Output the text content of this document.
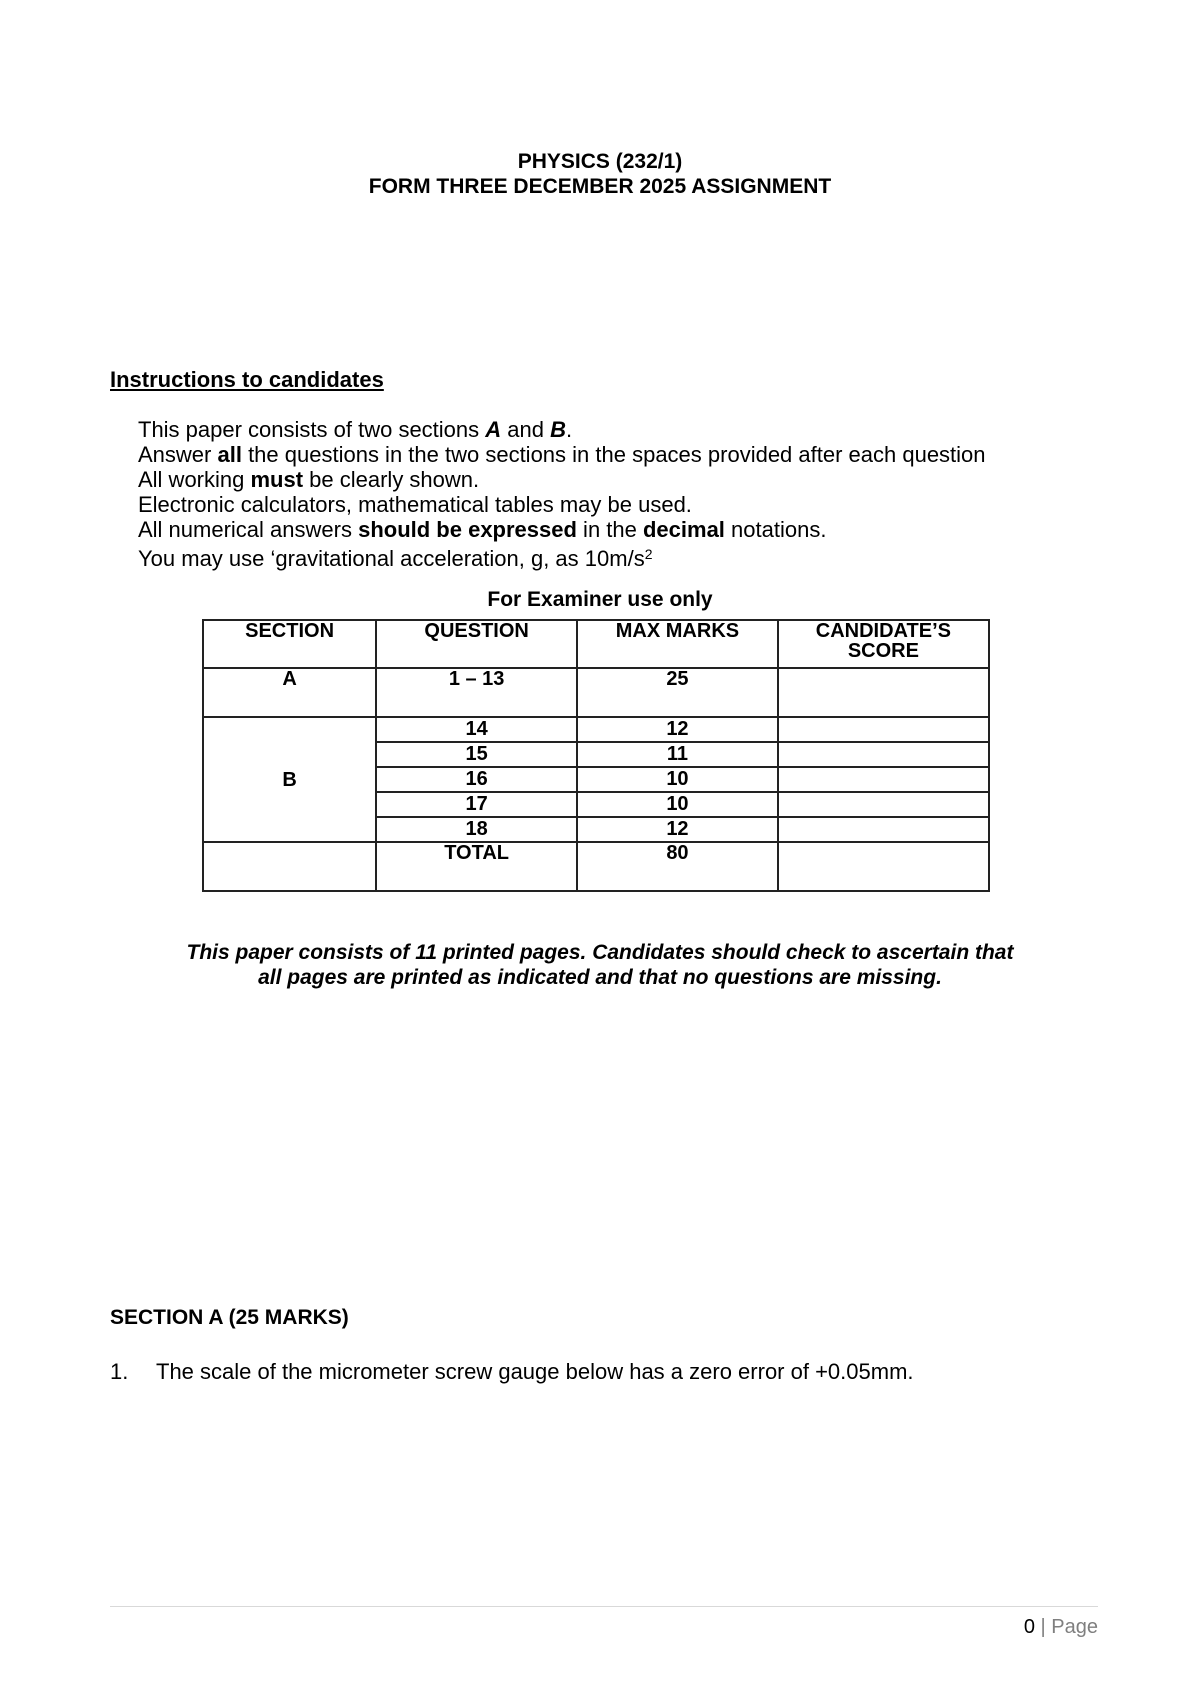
PHYSICS (232/1)
FORM THREE DECEMBER 2025 ASSIGNMENT
Instructions to candidates
This paper consists of two sections A and B.
Answer all the questions in the two sections in the spaces provided after each question
All working must be clearly shown.
Electronic calculators, mathematical tables may be used.
All numerical answers should be expressed in the decimal notations.
You may use ‘gravitational acceleration, g, as $10m/s^2$
For Examiner use only
SECTION	QUESTION	MAX MARKS	CANDIDATE’S SCORE
A	1 – 13	25	
B	14	12	
	15	11	
	16	10	
	17	10	
	18	12	
	TOTAL	80	
This paper consists of 11 printed pages. Candidates should check to ascertain that
all pages are printed as indicated and that no questions are missing.
SECTION A (25 MARKS)
1. The scale of the micrometer screw gauge below has a zero error of +0.05mm.
0 | Page
